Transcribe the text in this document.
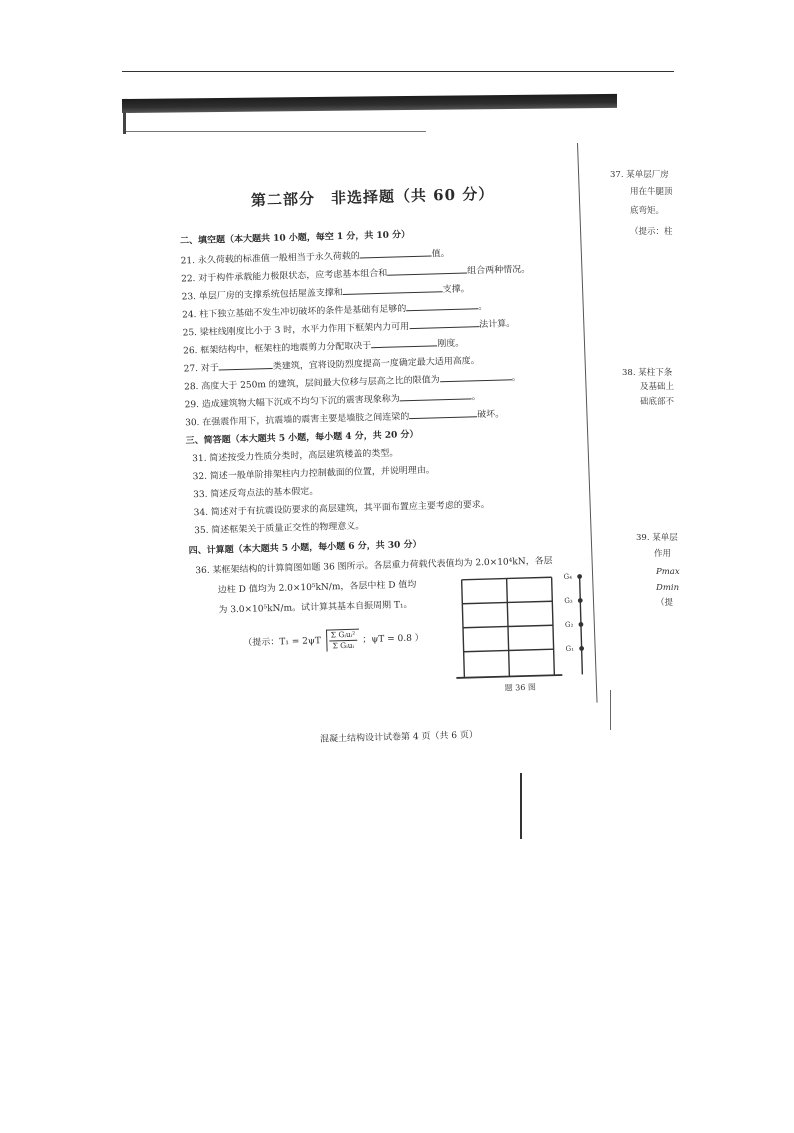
第二部分　非选择题（共 60 分）
二、填空题（本大题共 10 小题，每空 1 分，共 10 分）
21. 永久荷载的标准值一般相当于永久荷载的	值。
22. 对于构件承载能力极限状态，应考虑基本组合和	组合两种情况。
23. 单层厂房的支撑系统包括屋盖支撑和	支撑。
24. 柱下独立基础不发生冲切破坏的条件是基础有足够的	。
25. 梁柱线刚度比小于 3 时，水平力作用下框架内力可用	法计算。
26. 框架结构中，框架柱的地震剪力分配取决于	刚度。
27. 对于	类建筑，宜将设防烈度提高一度确定最大适用高度。
28. 高度大于 250m 的建筑，层间最大位移与层高之比的限值为	。
29. 造成建筑物大幅下沉或不均匀下沉的震害现象称为	。
30. 在强震作用下，抗震墙的震害主要是墙肢之间连梁的	破坏。
三、简答题（本大题共 5 小题，每小题 4 分，共 20 分）
31. 简述按受力性质分类时，高层建筑楼盖的类型。
32. 简述一般单阶排架柱内力控制截面的位置，并说明理由。
33. 简述反弯点法的基本假定。
34. 简述对于有抗震设防要求的高层建筑，其平面布置应主要考虑的要求。
35. 简述框架关于质量正交性的物理意义。
四、计算题（本大题共 5 小题，每小题 6 分，共 30 分）
36. 某框架结构的计算简图如题 36 图所示。各层重力荷载代表值均为 2.0×10⁴kN，各层
边柱 D 值均为 2.0×10⁵kN/m，各层中柱 D 值均
为 3.0×10⁵kN/m。试计算其基本自振周期 T₁。
（提示：$T_1 = 2\psi T \frac{\text{Σ Gᵢuᵢ²}}{\text{Σ Gᵢuᵢ}}$ ；ψT = 0.8 ）
G₄
G₃
G₂
G₁
题 36 图
混凝土结构设计试卷第 4 页（共 6 页）
37. 某单层厂房
用在牛腿顶
底弯矩。
（提示：柱
38. 某柱下条
及基础上
础底部不
39. 某单层
作用
Pmax
Dmin
（提
